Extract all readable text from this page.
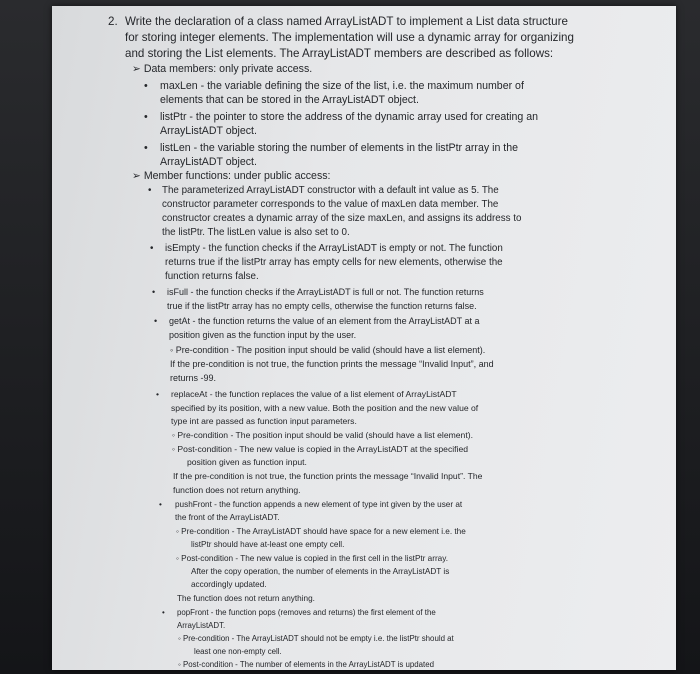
2. Write the declaration of a class named ArrayListADT to implement a List data structure
for storing integer elements. The implementation will use a dynamic array for organizing
and storing the List elements. The ArrayListADT members are described as follows:
➢ Data members: only private access.
• maxLen - the variable defining the size of the list, i.e. the maximum number of
elements that can be stored in the ArrayListADT object.
• listPtr - the pointer to store the address of the dynamic array used for creating an
ArrayListADT object.
• listLen - the variable storing the number of elements in the listPtr array in the
ArrayListADT object.
➢ Member functions: under public access:
• The parameterized ArrayListADT constructor with a default int value as 5. The
constructor parameter corresponds to the value of maxLen data member. The
constructor creates a dynamic array of the size maxLen, and assigns its address to
the listPtr. The listLen value is also set to 0.
• isEmpty - the function checks if the ArrayListADT is empty or not. The function
returns true if the listPtr array has empty cells for new elements, otherwise the
function returns false.
• isFull - the function checks if the ArrayListADT is full or not. The function returns
true if the listPtr array has no empty cells, otherwise the function returns false.
• getAt - the function returns the value of an element from the ArrayListADT at a
position given as the function input by the user.
◦ Pre-condition - The position input should be valid (should have a list element).
If the pre-condition is not true, the function prints the message “Invalid Input”, and
returns -99.
• replaceAt - the function replaces the value of a list element of ArrayListADT
specified by its position, with a new value. Both the position and the new value of
type int are passed as function input parameters.
◦ Pre-condition - The position input should be valid (should have a list element).
◦ Post-condition - The new value is copied in the ArrayListADT at the specified
position given as function input.
If the pre-condition is not true, the function prints the message “Invalid Input”. The
function does not return anything.
• pushFront - the function appends a new element of type int given by the user at
the front of the ArrayListADT.
◦ Pre-condition - The ArrayListADT should have space for a new element i.e. the
listPtr should have at-least one empty cell.
◦ Post-condition - The new value is copied in the first cell in the listPtr array.
After the copy operation, the number of elements in the ArrayListADT is
accordingly updated.
The function does not return anything.
• popFront - the function pops (removes and returns) the first element of the
ArrayListADT.
◦ Pre-condition - The ArrayListADT should not be empty i.e. the listPtr should at
least one non-empty cell.
◦ Post-condition - The number of elements in the ArrayListADT is updated
